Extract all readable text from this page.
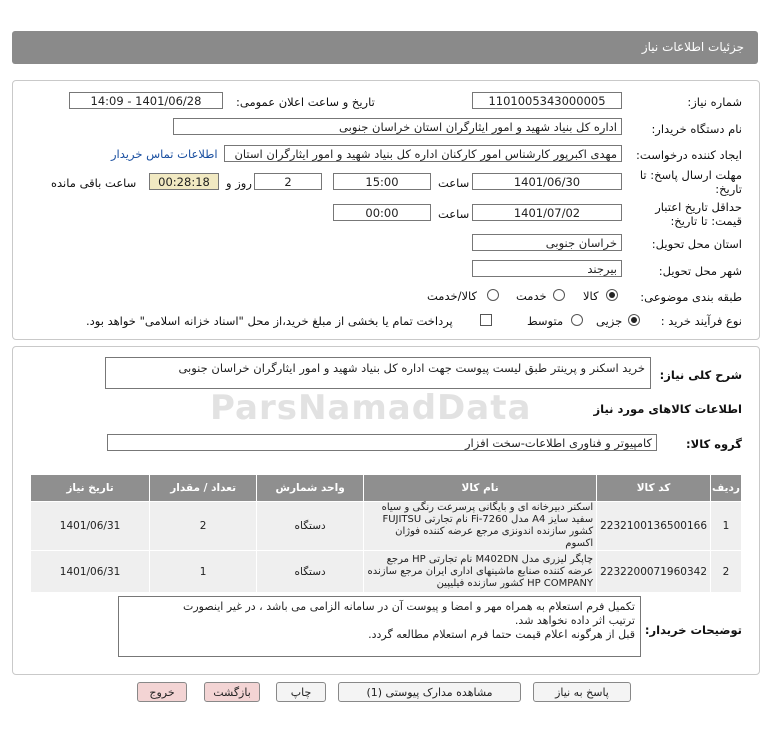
جزئیات اطلاعات نیاز
شماره نیاز:
1101005343000005
تاریخ و ساعت اعلان عمومی:
1401/06/28 - 14:09
نام دستگاه خریدار:
اداره کل بنیاد شهید و امور ایثارگران استان خراسان جنوبی
ایجاد کننده درخواست:
مهدی اکبرپور کارشناس امور کارکنان اداره کل بنیاد شهید و امور ایثارگران استان
اطلاعات تماس خریدار
مهلت ارسال پاسخ: تا
تاریخ:
1401/06/30
ساعت
15:00
2
روز و
00:28:18
ساعت باقی مانده
حداقل تاریخ اعتبار
قیمت: تا تاریخ:
1401/07/02
ساعت
00:00
استان محل تحویل:
خراسان جنوبی
شهر محل تحویل:
بیرجند
طبقه بندی موضوعی:
کالا
خدمت
کالا/خدمت
نوع فرآیند خرید :
جزیی
متوسط
پرداخت تمام یا بخشی از مبلغ خرید،از محل "اسناد خزانه اسلامی" خواهد بود.
شرح کلی نیاز:
خرید اسکنر و پرینتر طبق لیست پیوست جهت اداره کل بنیاد شهید و امور ایثارگران خراسان جنوبی
ParsNamadData	اطلاعات کالاهای مورد نیاز
گروه کالا:
کامپیوتر و فناوری اطلاعات-سخت افزار
ردیف	کد کالا	نام کالا	واحد شمارش	تعداد / مقدار	تاریخ نیاز
1	2232100136500166	اسکنر دبیرخانه ای و بایگانی پرسرعت رنگی و سیاه سفید سایز A4 مدل Fi-7260 نام تجارتی FUJITSU کشور سازنده اندونزی مرجع عرضه کننده فوژان اکسوم	دستگاه	2	1401/06/31
2	2232200071960342	چاپگر لیزری مدل M402DN نام تجارتی HP مرجع عرضه کننده صنایع ماشینهای اداری ایران مرجع سازنده HP COMPANY کشور سازنده فیلیپین	دستگاه	1	1401/06/31
توضیحات خریدار:
تکمیل فرم استعلام به همراه مهر و امضا و پیوست آن در سامانه الزامی می باشد ، در غیر اینصورت
ترتیب اثر داده نخواهد شد.
قبل از هرگونه اعلام قیمت حتما فرم استعلام مطالعه گردد.
پاسخ به نیاز
مشاهده مدارک پیوستی (1)
چاپ
بازگشت
خروج
